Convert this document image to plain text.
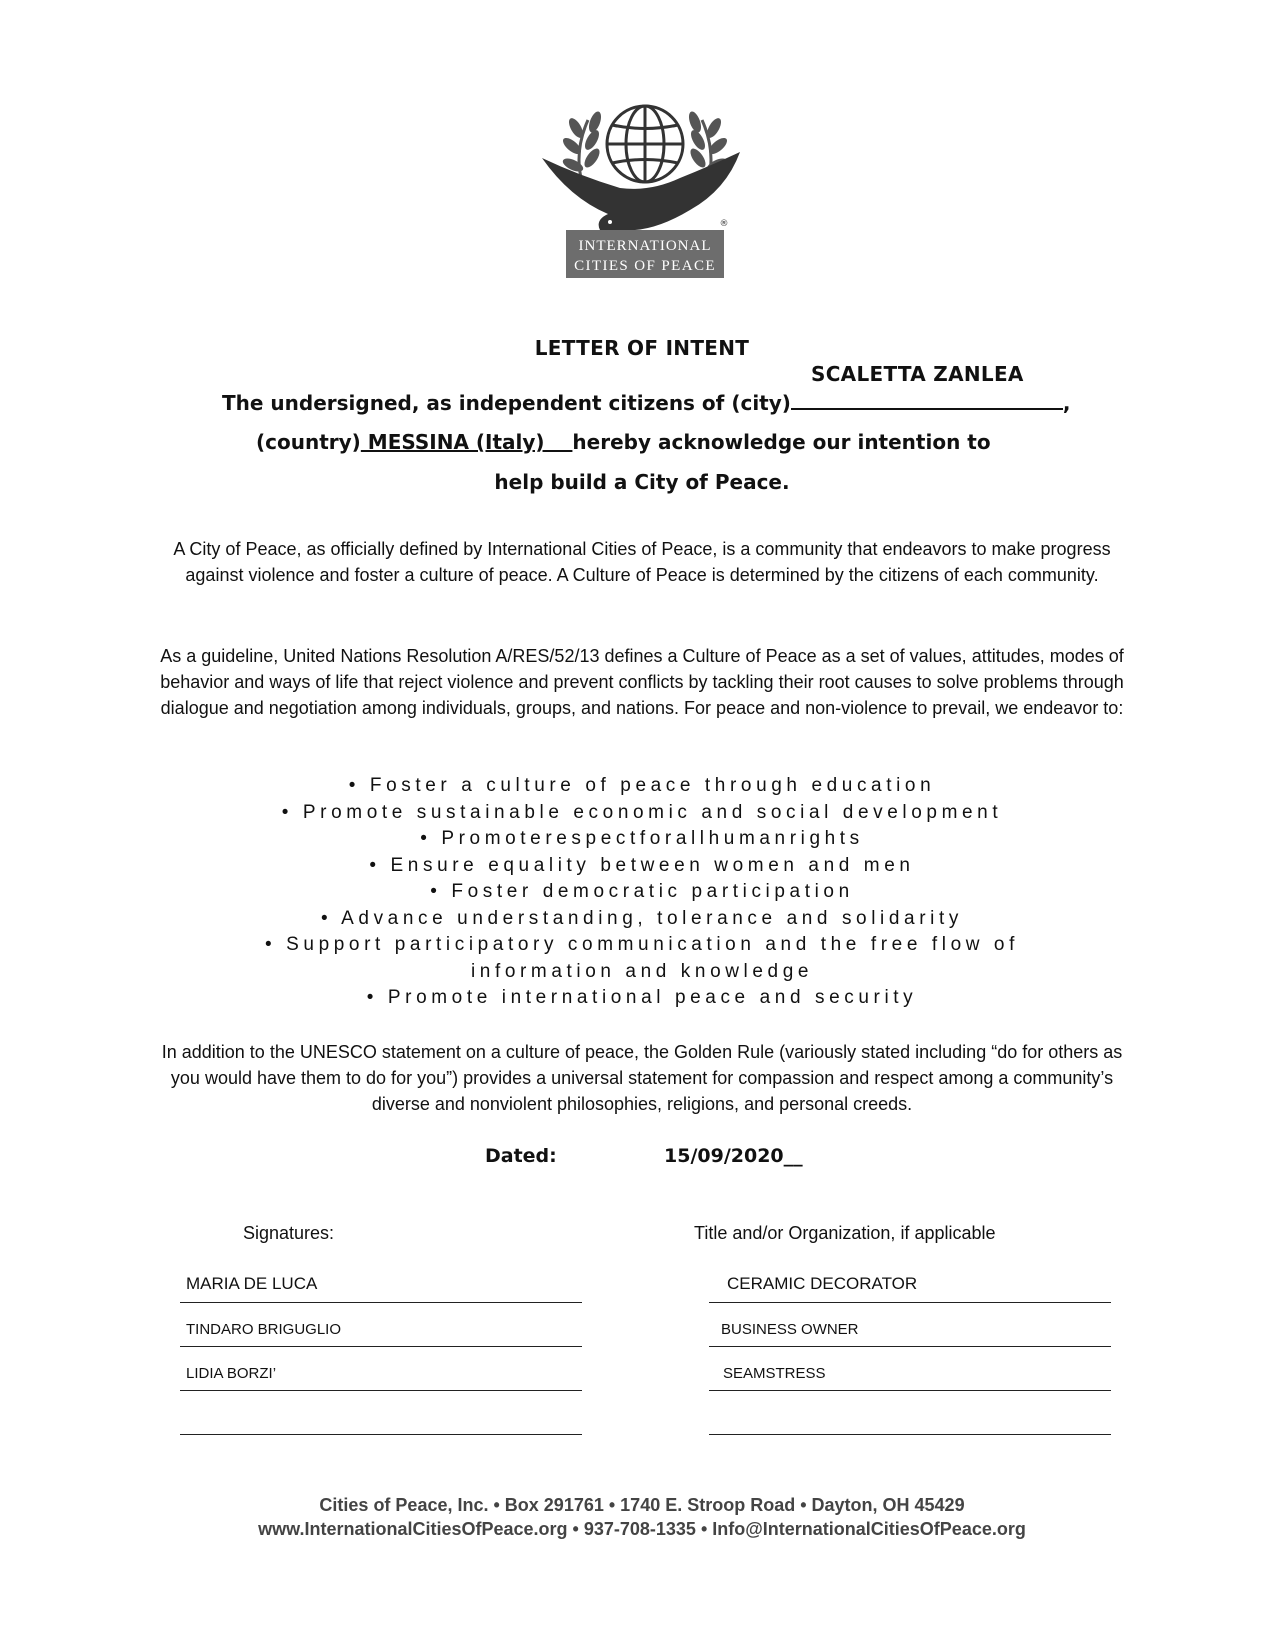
INTERNATIONAL
CITIES OF PEACE
®
LETTER OF INTENT
SCALETTA ZANLEA
The undersigned, as independent citizens of (city)	,
(country) MESSINA (Italy)    hereby acknowledge our intention to
help build a City of Peace.
A City of Peace, as officially defined by International Cities of Peace, is a community that endeavors to make progress against violence and foster a culture of peace. A Culture of Peace is determined by the citizens of each community.
As a guideline, United Nations Resolution A/RES/52/13 defines a Culture of Peace as a set of values, attitudes, modes of behavior and ways of life that reject violence and prevent conflicts by tackling their root causes to solve problems through dialogue and negotiation among individuals, groups, and nations. For peace and non-violence to prevail, we endeavor to:
• Foster a culture of peace through education
• Promote sustainable economic and social development
• Promoterespectforallhumanrights
• Ensure equality between women and men
• Foster democratic participation
• Advance understanding, tolerance and solidarity
• Support participatory communication and the free flow of information and knowledge
• Promote international peace and security
In addition to the UNESCO statement on a culture of peace, the Golden Rule (variously stated including “do for others as you would have them to do for you”) provides a universal statement for compassion and respect among a community’s diverse and nonviolent philosophies, religions, and personal creeds.
Dated:	15/09/2020__
Signatures:	Title and/or Organization, if applicable
MARIA DE LUCA	CERAMIC DECORATOR
TINDARO BRIGUGLIO	BUSINESS OWNER
LIDIA BORZI’	SEAMSTRESS
Cities of Peace, Inc. • Box 291761 • 1740 E. Stroop Road • Dayton, OH 45429
www.InternationalCitiesOfPeace.org • 937-708-1335 • Info@InternationalCitiesOfPeace.org
